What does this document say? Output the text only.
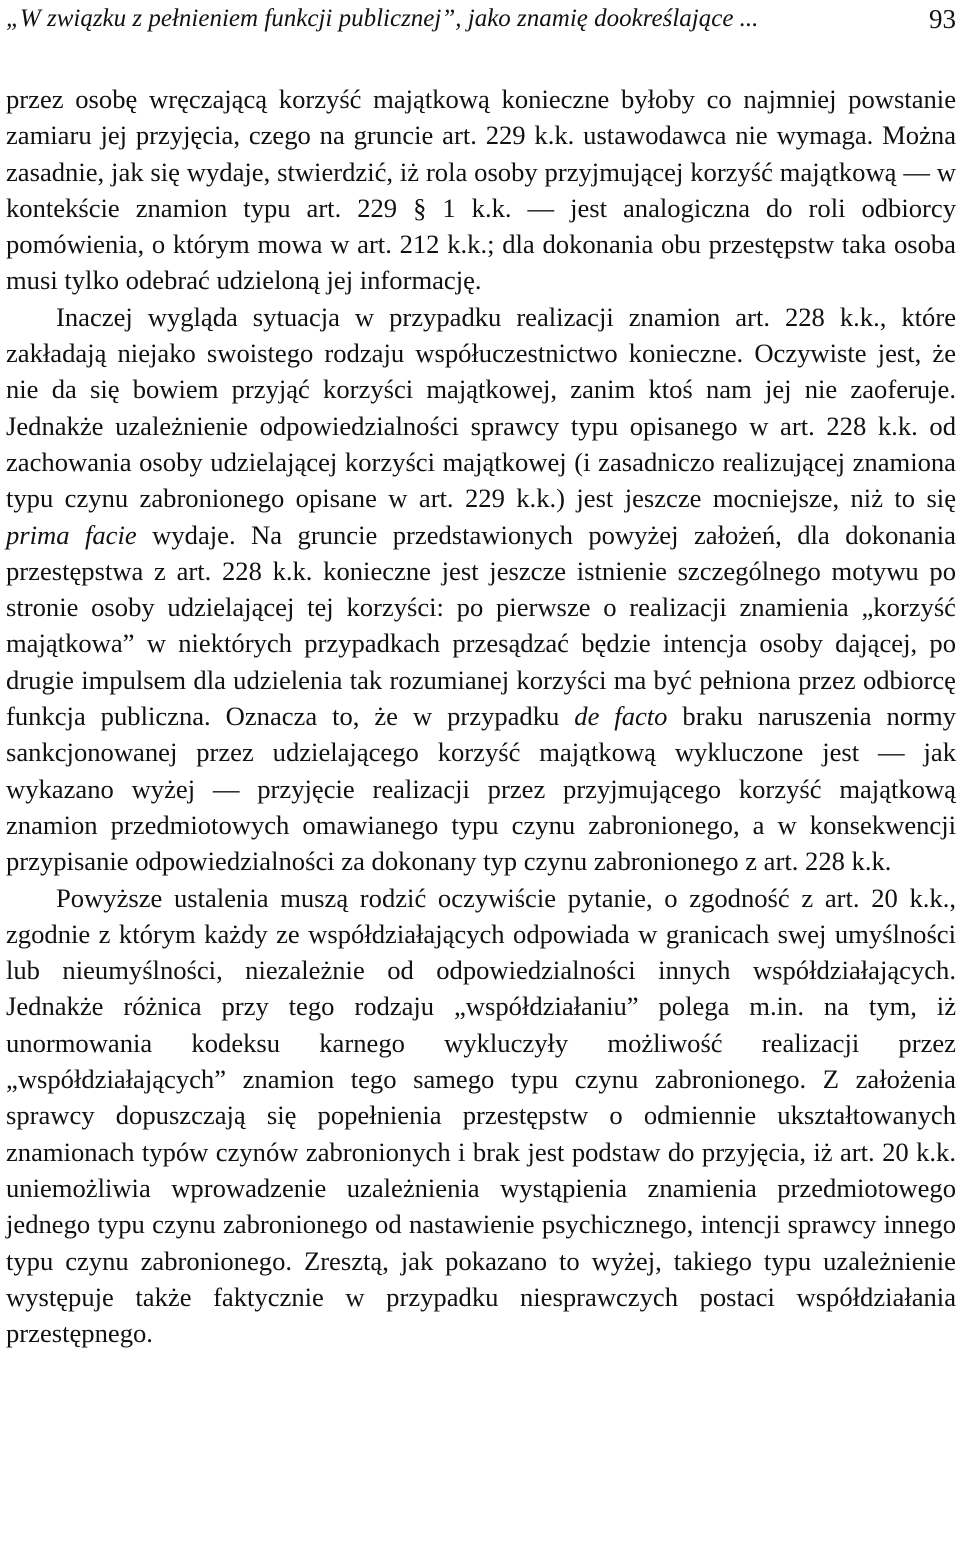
„W związku z pełnieniem funkcji publicznej”, jako znamię dookreślające ...	93

przez osobę wręczającą korzyść majątkową konieczne byłoby co najmniej powstanie zamiaru jej przyjęcia, czego na gruncie art. 229 k.k. ustawodawca nie wymaga. Można zasadnie, jak się wydaje, stwierdzić, iż rola osoby przyjmującej korzyść majątkową — w kontekście znamion typu art. 229 § 1 k.k. — jest analogiczna do roli odbiorcy pomówienia, o którym mowa w art. 212 k.k.; dla dokonania obu przestępstw taka osoba musi tylko odebrać udzieloną jej informację.

Inaczej wygląda sytuacja w przypadku realizacji znamion art. 228 k.k., które zakładają niejako swoistego rodzaju współuczestnictwo konieczne. Oczywiste jest, że nie da się bowiem przyjąć korzyści majątkowej, zanim ktoś nam jej nie zaoferuje. Jednakże uzależnienie odpowiedzialności sprawcy typu opisanego w art. 228 k.k. od zachowania osoby udzielającej korzyści majątkowej (i zasadniczo realizującej znamiona typu czynu zabronionego opisane w art. 229 k.k.) jest jeszcze mocniejsze, niż to się prima facie wydaje. Na gruncie przedstawionych powyżej założeń, dla dokonania przestępstwa z art. 228 k.k. konieczne jest jeszcze istnienie szczególnego motywu po stronie osoby udzielającej tej korzyści: po pierwsze o realizacji znamienia „korzyść majątkowa” w niektórych przypadkach przesądzać będzie intencja osoby dającej, po drugie impulsem dla udzielenia tak rozumianej korzyści ma być pełniona przez odbiorcę funkcja publiczna. Oznacza to, że w przypadku de facto braku naruszenia normy sankcjonowanej przez udzielającego korzyść majątkową wykluczone jest — jak wykazano wyżej — przyjęcie realizacji przez przyjmującego korzyść majątkową znamion przedmiotowych omawianego typu czynu zabronionego, a w konsekwencji przypisanie odpowiedzialności za dokonany typ czynu zabronionego z art. 228 k.k.

Powyższe ustalenia muszą rodzić oczywiście pytanie, o zgodność z art. 20 k.k., zgodnie z którym każdy ze współdziałających odpowiada w granicach swej umyślności lub nieumyślności, niezależnie od odpowiedzialności innych współdziałających. Jednakże różnica przy tego rodzaju „współdziałaniu” polega m.in. na tym, iż unormowania kodeksu karnego wykluczyły możliwość realizacji przez „współdziałających” znamion tego samego typu czynu zabronionego. Z założenia sprawcy dopuszczają się popełnienia przestępstw o odmiennie ukształtowanych znamionach typów czynów zabronionych i brak jest podstaw do przyjęcia, iż art. 20 k.k. uniemożliwia wprowadzenie uzależnienia wystąpienia znamienia przedmiotowego jednego typu czynu zabronionego od nastawienie psychicznego, intencji sprawcy innego typu czynu zabronionego. Zresztą, jak pokazano to wyżej, takiego typu uzależnienie występuje także faktycznie w przypadku niesprawczych postaci współdziałania przestępnego.
